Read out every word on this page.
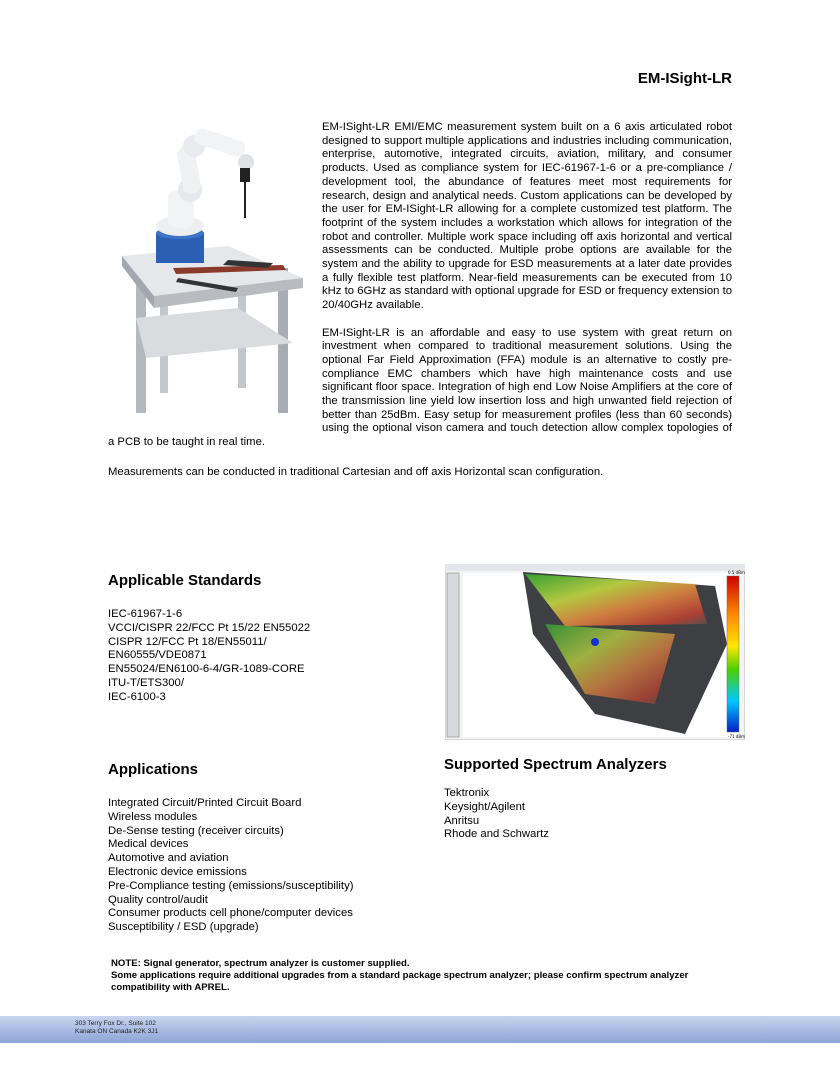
EM-ISight-LR

EM-ISight-LR EMI/EMC measurement system built on a 6 axis articulated robot designed to support multiple applications and industries including communication, enterprise, automotive, integrated circuits, aviation, military, and consumer products. Used as compliance system for IEC-61967-1-6 or a pre-compliance / development tool, the abundance of features meet most requirements for research, design and analytical needs. Custom applications can be developed by the user for EM-ISight-LR allowing for a complete customized test platform. The footprint of the system includes a workstation which allows for integration of the robot and controller. Multiple work space including off axis horizontal and vertical assessments can be conducted. Multiple probe options are available for the system and the ability to upgrade for ESD measurements at a later date provides a fully flexible test platform. Near-field measurements can be executed from 10 kHz to 6GHz as standard with optional upgrade for ESD or frequency extension to 20/40GHz available.

EM-ISight-LR is an affordable and easy to use system with great return on investment when compared to traditional measurement solutions. Using the optional Far Field Approximation (FFA) module is an alternative to costly pre-compliance EMC chambers which have high maintenance costs and use significant floor space. Integration of high end Low Noise Amplifiers at the core of the transmission line yield low insertion loss and high unwanted field rejection of better than 25dBm. Easy setup for measurement profiles (less than 60 seconds) using the optional vison camera and touch detection allow complex topologies of a PCB to be taught in real time.

Measurements can be conducted in traditional Cartesian and off axis Horizontal scan configuration.
0.5 dBm
-71 dBm
Applicable Standards
IEC-61967-1-6
VCCI/CISPR 22/FCC Pt 15/22 EN55022
CISPR 12/FCC Pt 18/EN55011/
EN60555/VDE0871
EN55024/EN6100-6-4/GR-1089-CORE
ITU-T/ETS300/
IEC-6100-3
Applications
Integrated Circuit/Printed Circuit Board
Wireless modules
De-Sense testing (receiver circuits)
Medical devices
Automotive and aviation
Electronic device emissions
Pre-Compliance testing (emissions/susceptibility)
Quality control/audit
Consumer products cell phone/computer devices
Susceptibility / ESD (upgrade)
Supported Spectrum Analyzers
Tektronix
Keysight/Agilent
Anritsu
Rhode and Schwartz
NOTE: Signal generator, spectrum analyzer is customer supplied.
Some applications require additional upgrades from a standard package spectrum analyzer; please confirm spectrum analyzer compatibility with APREL.
303 Terry Fox Dr., Suite 102
Kanata ON Canada K2K 3J1
